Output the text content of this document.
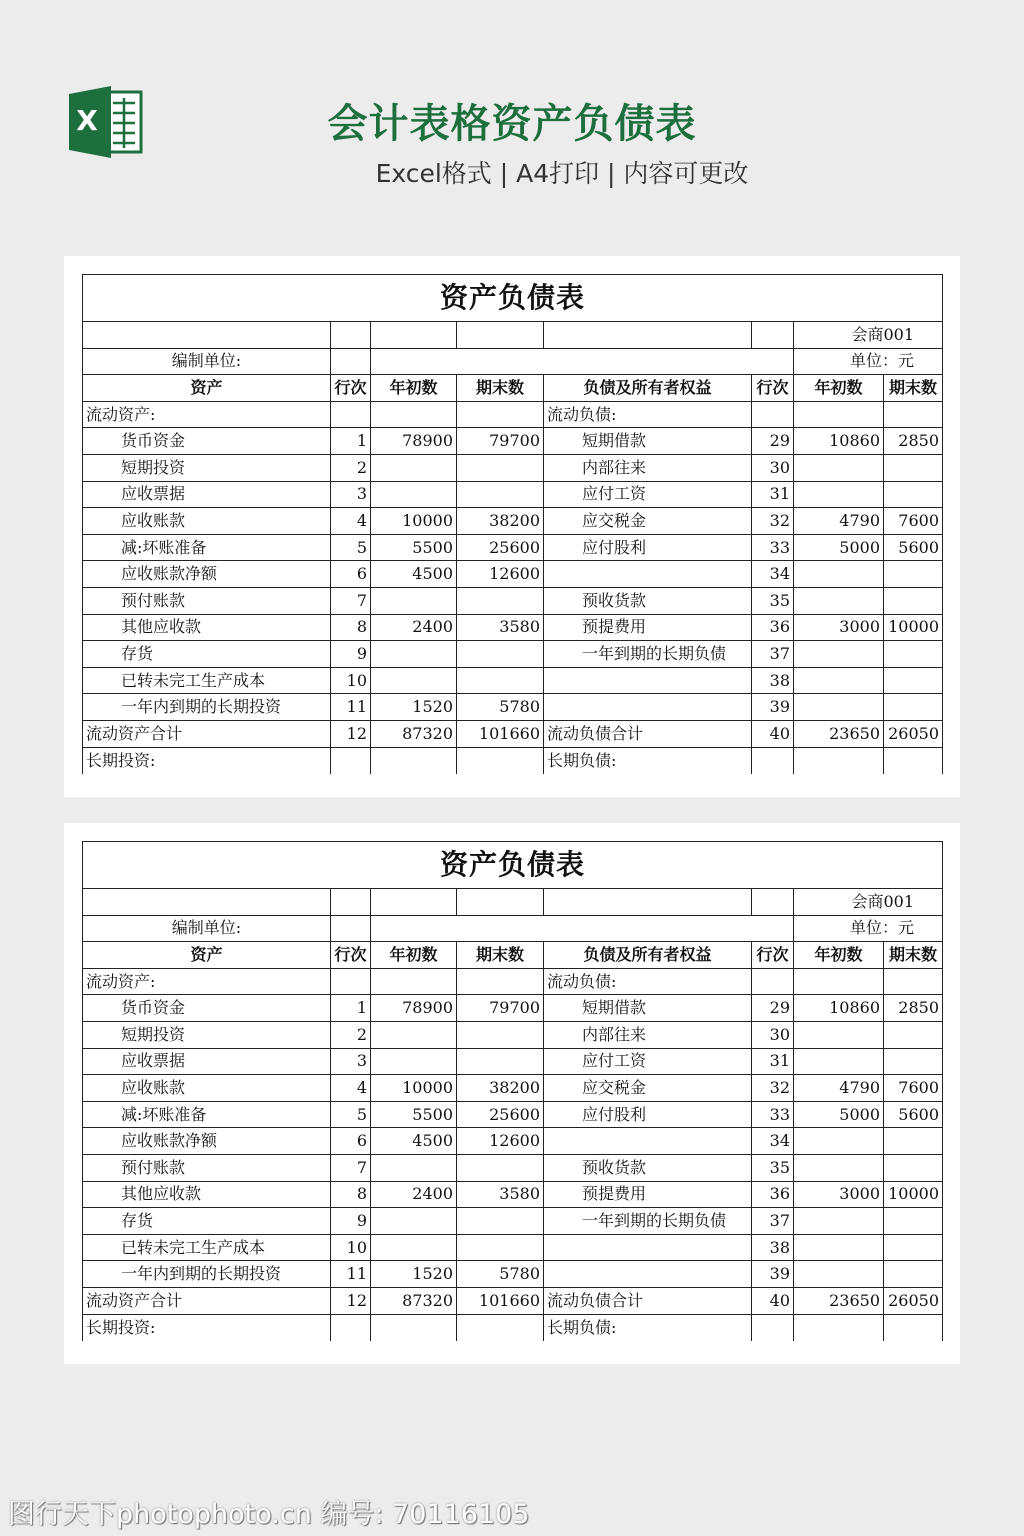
X	会计表格资产负债表
Excel格式 | A4打印 | 内容可更改
资产负债表							
						会商001	
编制单位:						单位：元	
资产	行次	年初数	期末数	负债及所有者权益	行次	年初数	期末数
流动资产:				流动负债:			
货币资金	1	78900	79700	短期借款	29	10860	2850
短期投资	2			内部往来	30		
应收票据	3			应付工资	31		
应收账款	4	10000	38200	应交税金	32	4790	7600
减:坏账准备	5	5500	25600	应付股利	33	5000	5600
应收账款净额	6	4500	12600		34		
预付账款	7			预收货款	35		
其他应收款	8	2400	3580	预提费用	36	3000	10000
存货	9			一年到期的长期负债	37		
已转未完工生产成本	10				38		
一年内到期的长期投资	11	1520	5780		39		
流动资产合计	12	87320	101660	流动负债合计	40	23650	26050
长期投资:				长期负债:			
资产负债表							
						会商001	
编制单位:						单位：元	
资产	行次	年初数	期末数	负债及所有者权益	行次	年初数	期末数
流动资产:				流动负债:			
货币资金	1	78900	79700	短期借款	29	10860	2850
短期投资	2			内部往来	30		
应收票据	3			应付工资	31		
应收账款	4	10000	38200	应交税金	32	4790	7600
减:坏账准备	5	5500	25600	应付股利	33	5000	5600
应收账款净额	6	4500	12600		34		
预付账款	7			预收货款	35		
其他应收款	8	2400	3580	预提费用	36	3000	10000
存货	9			一年到期的长期负债	37		
已转未完工生产成本	10				38		
一年内到期的长期投资	11	1520	5780		39		
流动资产合计	12	87320	101660	流动负债合计	40	23650	26050
长期投资:				长期负债:			
图行天下photophoto.cn 编号: 70116105
